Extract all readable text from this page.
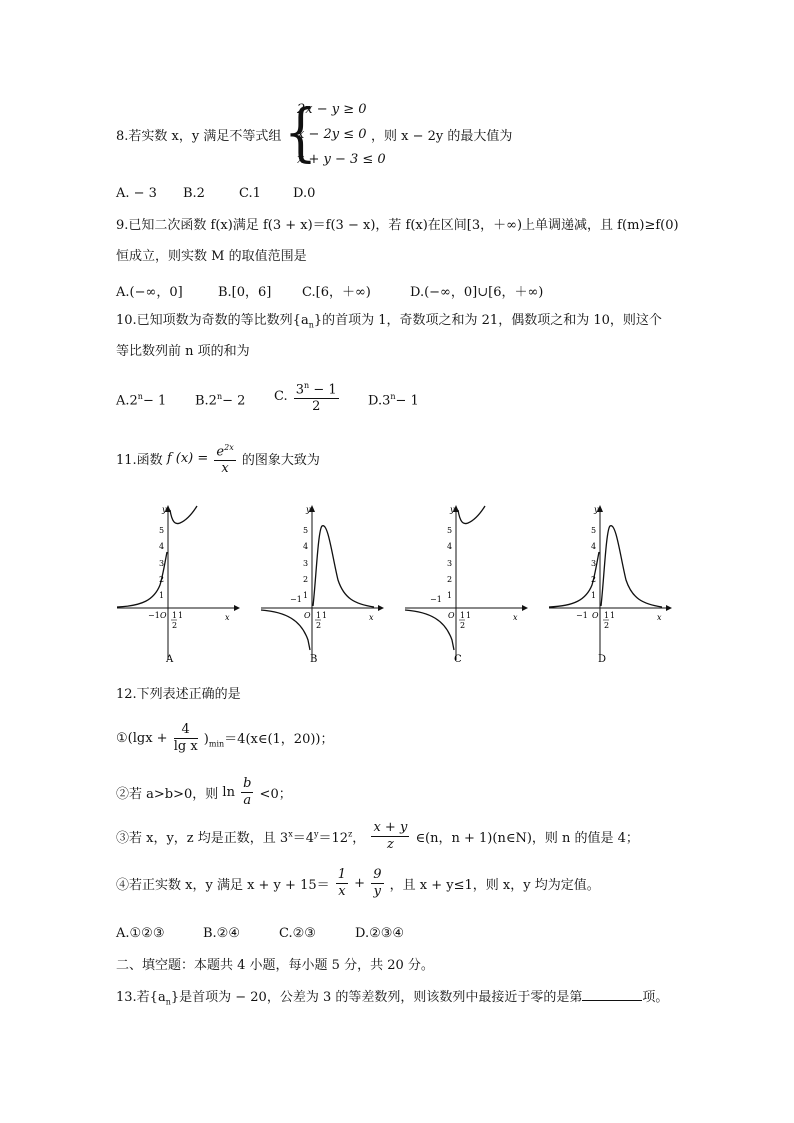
8.若实数 x，y 满足不等式组 {
2x − y ≥ 0
x − 2y ≤ 0
x + y − 3 ≤ 0
，则 x − 2y 的最大值为
A. − 3 B.2	C.1 D.0
9.已知二次函数 f(x)满足 f(3 + x)＝f(3 − x)，若 f(x)在区间[3，＋∞)上单调递减，且 f(m)≥f(0)
恒成立，则实数 M 的取值范围是
A.(−∞，0]	B.[0，6] C.[6，＋∞)	D.(−∞，0]∪[6，＋∞)
10.已知项数为奇数的等比数列$\{a_n\}$的首项为 1，奇数项之和为 21，偶数项之和为 10，则这个
等比数列前 n 项的和为
$A.2^n- 1$ $B.2^n- 2$ C. $\frac{3^n - 1}{2} D.3^n- 1$
11.函数 f $(x) = \frac{e^{2x}}{x}$ 的图象大致为
y
5
4
3
2
1
−1 O 1 1
2
x
A
y
5
4
3
2
1
−1
O 1 1
2
x
B
y
5
4
3
2
1
−1
O 1 1
2
x
C
y
5
4
3
2
1
−1 O 1 1
2
x
D
12.下列表述正确的是
①(lgx + $\frac{4}{\text{lg x}}$ )$_{min}=4(x\in(1$，20))；
②若 a>b>0，则 $\ln \frac{b}{a} <0$；
③若 x，y，z 均是正数，且 $3^x=4^y=12^z$， $\frac{x + y}{z}$ ∈(n，n + 1)(n∈N)，则 n 的值是 4；
④若正实数 x，y 满足 $x + y + 15= \frac{1}{x} + \frac{9}{y}$ ，且 x + y≤1，则 x，y 均为定值。
A.①②③	B.②④	C.②③	D.②③④
二、填空题：本题共 4 小题，每小题 5 分，共 20 分。
13.若$\{a_n\}$是首项为 − 20，公差为 3 的等差数列，则该数列中最接近于零的是第	项。
